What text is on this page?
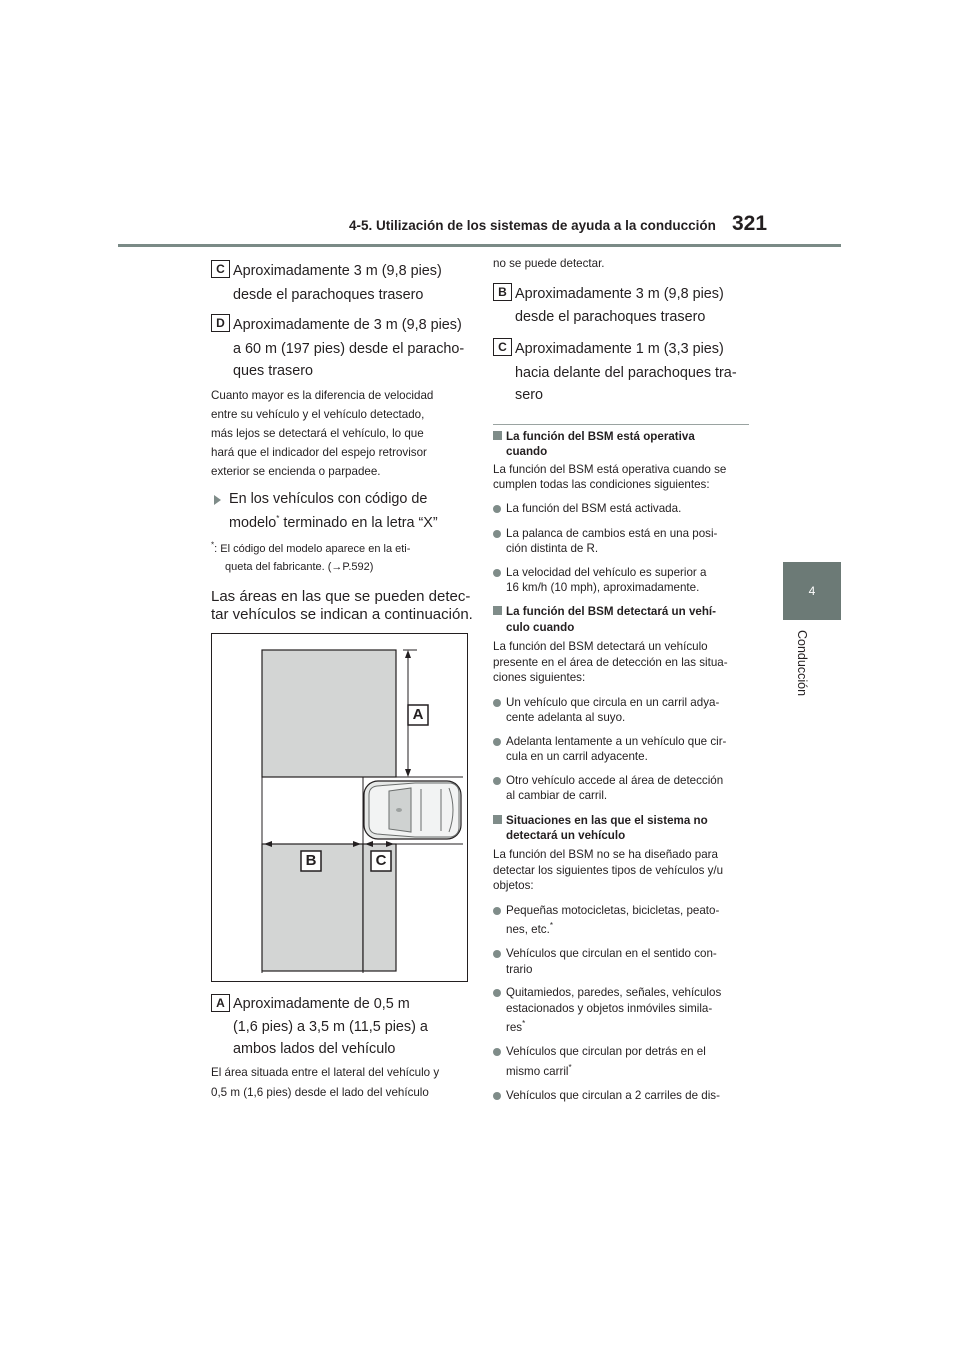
4-5. Utilización de los sistemas de ayuda a la conducción 321
4
Conducción
C Aproximadamente 3 m (9,8 pies)
desde el parachoques trasero
D Aproximadamente de 3 m (9,8 pies)
a 60 m (197 pies) desde el paracho-
ques trasero
Cuanto mayor es la diferencia de velocidad
entre su vehículo y el vehículo detectado,
más lejos se detectará el vehículo, lo que
hará que el indicador del espejo retrovisor
exterior se encienda o parpadee.
En los vehículos con código de
modelo* terminado en la letra “X”
*: El código del modelo aparece en la eti-
queta del fabricante. (→P.592)
Las áreas en las que se pueden detec-
tar vehículos se indican a continuación.
A
B	C
A Aproximadamente de 0,5 m
(1,6 pies) a 3,5 m (11,5 pies) a
ambos lados del vehículo
El área situada entre el lateral del vehículo y
0,5 m (1,6 pies) desde el lado del vehículo
no se puede detectar.
B Aproximadamente 3 m (9,8 pies)
desde el parachoques trasero
C Aproximadamente 1 m (3,3 pies)
hacia delante del parachoques tra-
sero
La función del BSM está operativa
cuando
La función del BSM está operativa cuando se
cumplen todas las condiciones siguientes:
La función del BSM está activada.
La palanca de cambios está en una posi-
ción distinta de R.
La velocidad del vehículo es superior a
16 km/h (10 mph), aproximadamente.
La función del BSM detectará un vehí-
culo cuando
La función del BSM detectará un vehículo
presente en el área de detección en las situa-
ciones siguientes:
Un vehículo que circula en un carril adya-
cente adelanta al suyo.
Adelanta lentamente a un vehículo que cir-
cula en un carril adyacente.
Otro vehículo accede al área de detección
al cambiar de carril.
Situaciones en las que el sistema no
detectará un vehículo
La función del BSM no se ha diseñado para
detectar los siguientes tipos de vehículos y/u
objetos:
Pequeñas motocicletas, bicicletas, peato-
nes, etc.*
Vehículos que circulan en el sentido con-
trario
Quitamiedos, paredes, señales, vehículos
estacionados y objetos inmóviles simila-
res*
Vehículos que circulan por detrás en el
mismo carril*
Vehículos que circulan a 2 carriles de dis-
